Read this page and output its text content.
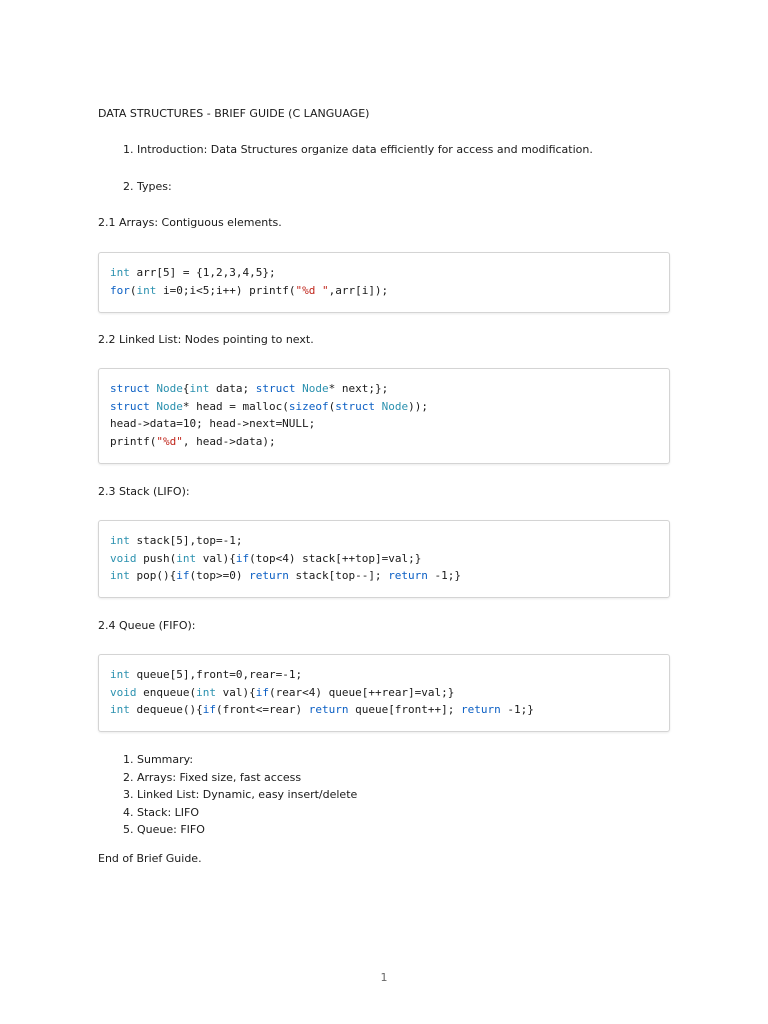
DATA STRUCTURES - BRIEF GUIDE (C LANGUAGE)
1. Introduction: Data Structures organize data efficiently for access and modification.
2. Types:
2.1 Arrays: Contiguous elements.
int arr[5] = {1,2,3,4,5};
for(int i=0;i<5;i++) printf("%d ",arr[i]);
2.2 Linked List: Nodes pointing to next.
struct Node{int data; struct Node* next;};
struct Node* head = malloc(sizeof(struct Node));
head->data=10; head->next=NULL;
printf("%d", head->data);
2.3 Stack (LIFO):
int stack[5],top=-1;
void push(int val){if(top<4) stack[++top]=val;}
int pop(){if(top>=0) return stack[top--]; return -1;}
2.4 Queue (FIFO):
int queue[5],front=0,rear=-1;
void enqueue(int val){if(rear<4) queue[++rear]=val;}
int dequeue(){if(front<=rear) return queue[front++]; return -1;}
1. Summary:
2. Arrays: Fixed size, fast access
3. Linked List: Dynamic, easy insert/delete
4. Stack: LIFO
5. Queue: FIFO
End of Brief Guide.
1
